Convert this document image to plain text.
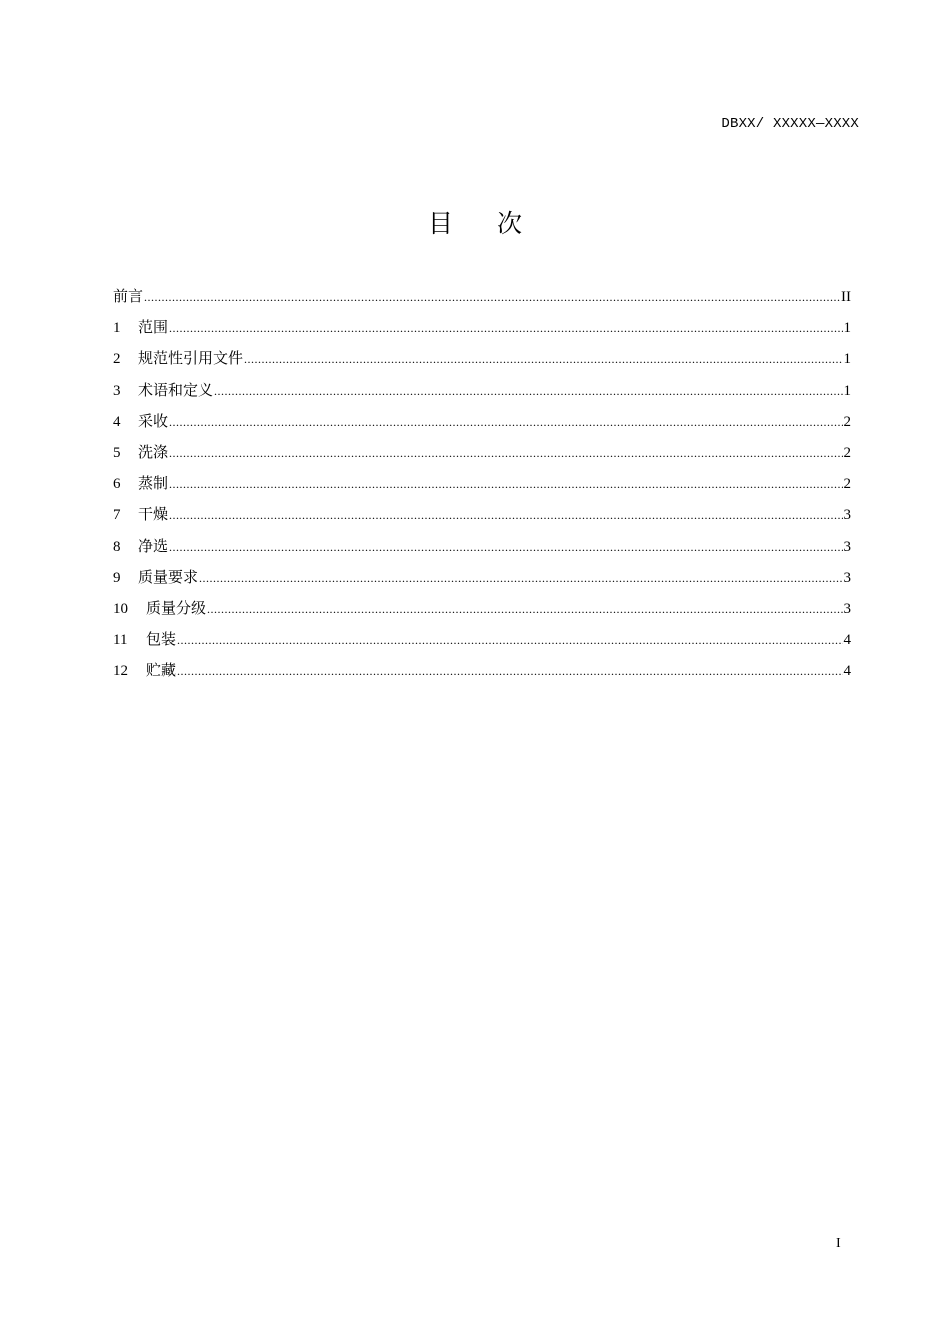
DBXX/ XXXXX—XXXX
目 次
前言 .....	II
1	范围 .....	1
2	规范性引用文件 .....	1
3	术语和定义 .....	1
4	采收 .....	2
5	洗涤 .....	2
6	蒸制 .....	2
7	干燥 .....	3
8	净选 .....	3
9	质量要求 .....	3
10	质量分级 .....	3
11	包装 .....	4
12	贮藏 .....	4
I
